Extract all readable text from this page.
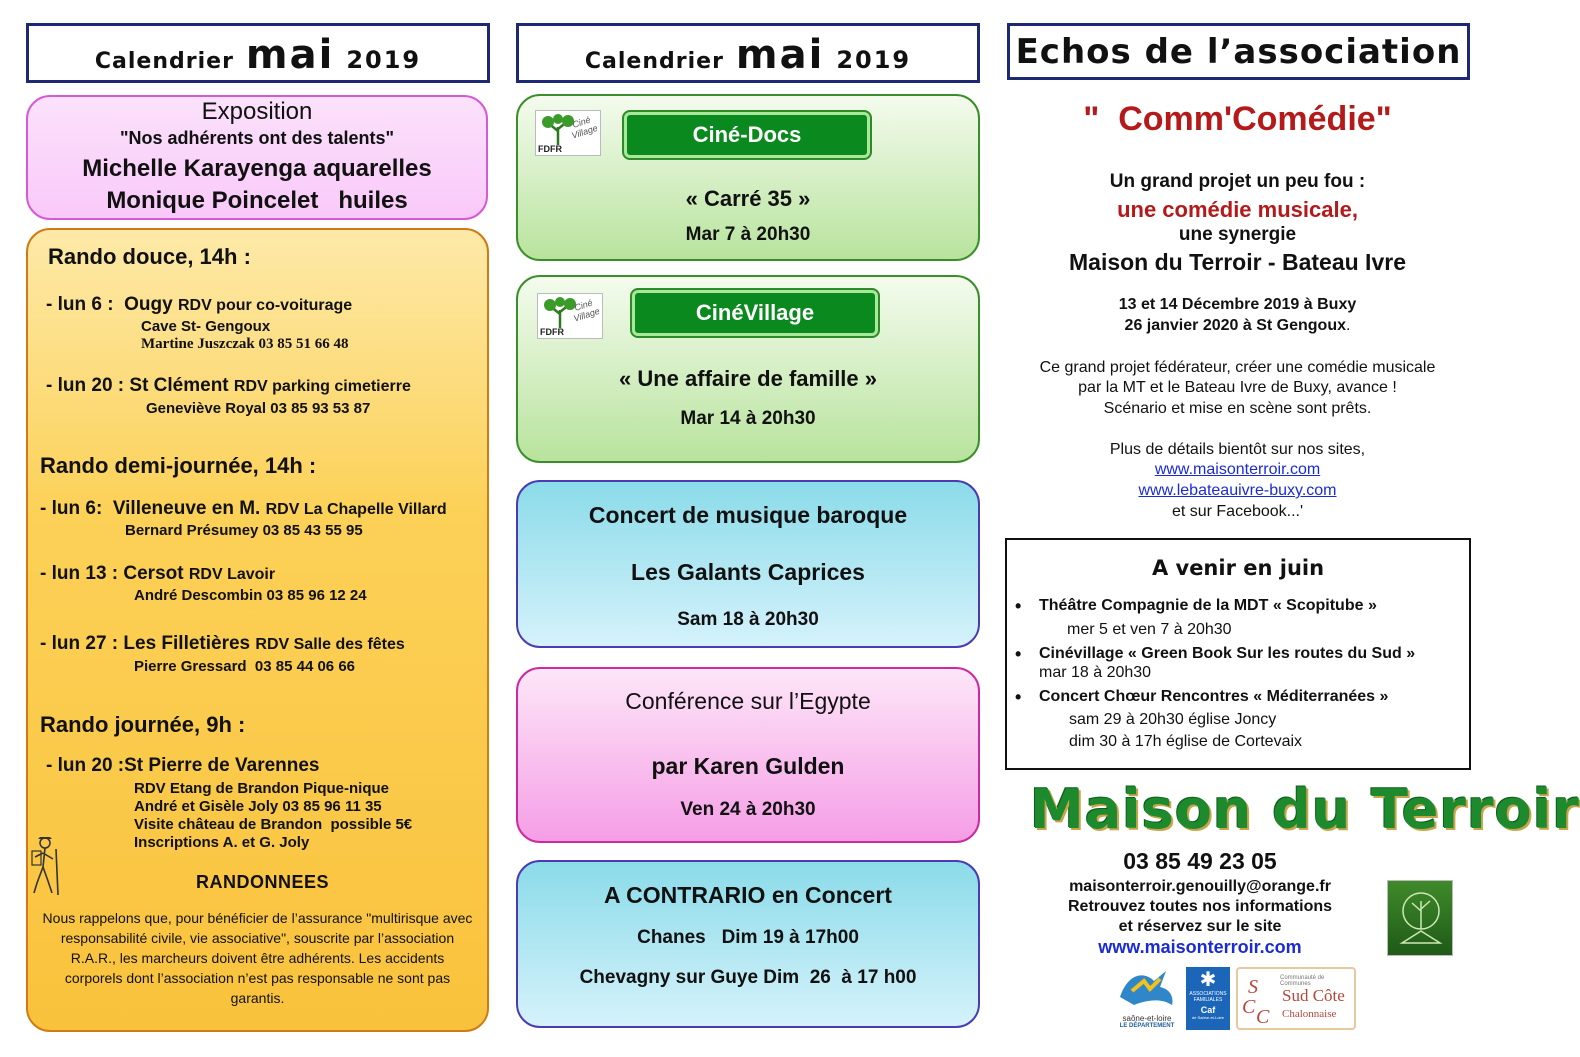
Calendrier mai 2019	Calendrier mai 2019	Echos de l’association
Exposition
"Nos adhérents ont des talents"
Michelle Karayenga aquarelles
Monique Poincelet   huiles
Rando douce, 14h :
- lun 6 :  Ougy RDV pour co-voiturage
Cave St- Gengoux
Martine Juszczak 03 85 51 66 48
- lun 20 : St Clément RDV parking cimetierre
Geneviève Royal 03 85 93 53 87
Rando demi-journée, 14h :
- lun 6:  Villeneuve en M. RDV La Chapelle Villard
Bernard Présumey 03 85 43 55 95
- lun 13 : Cersot RDV Lavoir
André Descombin 03 85 96 12 24
- lun 27 : Les Filletières RDV Salle des fêtes
Pierre Gressard  03 85 44 06 66
Rando journée, 9h :
- lun 20 :St Pierre de Varennes
RDV Etang de Brandon Pique-nique
André et Gisèle Joly 03 85 96 11 35
Visite château de Brandon  possible 5€
Inscriptions A. et G. Joly
RANDONNEES
Nous rappelons que, pour bénéficier de l’assurance "multirisque avec
responsabilité civile, vie associative", souscrite par l’association
R.A.R., les marcheurs doivent être adhérents. Les accidents
corporels dont l’association n’est pas responsable ne sont pas
garantis.
Ciné Village
FDFR
Ciné-Docs
« Carré 35 »
Mar 7 à 20h30
Ciné Village
FDFR
CinéVillage
« Une affaire de famille »
Mar 14 à 20h30
Concert de musique baroque
Les Galants Caprices
Sam 18 à 20h30
Conférence sur l’Egypte
par Karen Gulden
Ven 24 à 20h30
A CONTRARIO en Concert
Chanes   Dim 19 à 17h00
Chevagny sur Guye Dim  26  à 17 h00
"  Comm'Comédie"
Un grand projet un peu fou :
une comédie musicale,
une synergie
Maison du Terroir - Bateau Ivre
13 et 14 Décembre 2019 à Buxy
26 janvier 2020 à St Gengoux.
Ce grand projet fédérateur, créer une comédie musicale
par la MT et le Bateau Ivre de Buxy, avance !
Scénario et mise en scène sont prêts.
Plus de détails bientôt sur nos sites,
www.maisonterroir.com
www.lebateauivre-buxy.com
et sur Facebook...'
A venir en juin
• Théâtre Compagnie de la MDT « Scopitube »
mer 5 et ven 7 à 20h30
• Cinévillage « Green Book Sur les routes du Sud »
mar 18 à 20h30
• Concert Chœur Rencontres « Méditerranées »
sam 29 à 20h30 église Joncy
dim 30 à 17h église de Cortevaix
Maison du Terroir
03 85 49 23 05
maisonterroir.genouilly@orange.fr
Retrouvez toutes nos informations
et réservez sur le site
www.maisonterroir.com
saône-et-loire
LE DÉPARTEMENT
✱
ASSOCIATIONS
FAMILIALES
Caf
de Saône-et-Loire
S
C C
Communauté de Communes
Sud Côte
Chalonnaise
